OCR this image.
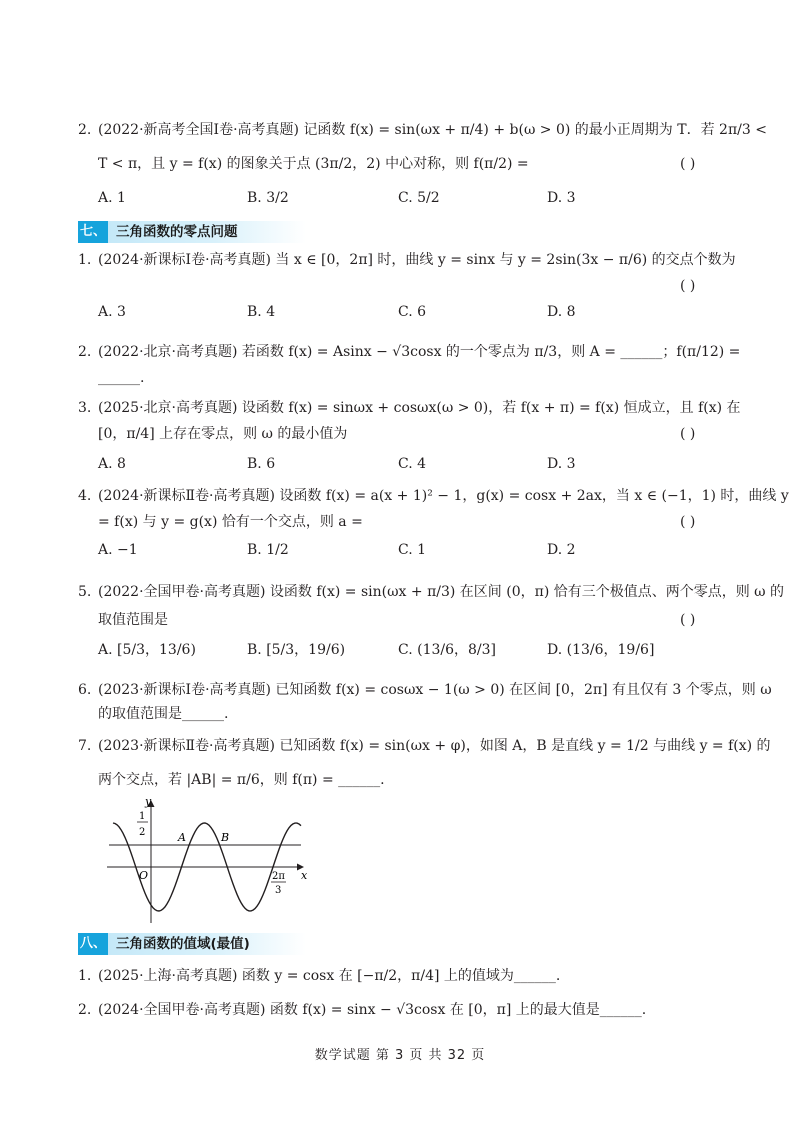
2. (2022·新高考全国Ⅰ卷·高考真题) 记函数 f(x) = sin(ωx + π/4) + b(ω > 0) 的最小正周期为 T．若 2π/3 <
T < π，且 y = f(x) 的图象关于点 (3π/2，2) 中心对称，则 f(π/2) =	( )
A. 1	B. 3/2	C. 5/2	D. 3
七、 三角函数的零点问题
1. (2024·新课标Ⅰ卷·高考真题) 当 x ∈ [0，2π] 时，曲线 y = sinx 与 y = 2sin(3x − π/6) 的交点个数为
( )
A. 3	B. 4	C. 6	D. 8
2. (2022·北京·高考真题) 若函数 f(x) = Asinx − √3cosx 的一个零点为 π/3，则 A = ______；f(π/12) =
______.
3. (2025·北京·高考真题) 设函数 f(x) = sinωx + cosωx(ω > 0)，若 f(x + π) = f(x) 恒成立，且 f(x) 在
[0，π/4] 上存在零点，则 ω 的最小值为	( )
A. 8	B. 6	C. 4	D. 3
4. (2024·新课标Ⅱ卷·高考真题) 设函数 f(x) = a(x + 1)² − 1，g(x) = cosx + 2ax，当 x ∈ (−1，1) 时，曲线 y
= f(x) 与 y = g(x) 恰有一个交点，则 a =	( )
A. −1	B. 1/2	C. 1	D. 2
5. (2022·全国甲卷·高考真题) 设函数 f(x) = sin(ωx + π/3) 在区间 (0，π) 恰有三个极值点、两个零点，则 ω 的
取值范围是	( )
A. [5/3，13/6)	B. [5/3，19/6)	C. (13/6，8/3]	D. (13/6，19/6]
6. (2023·新课标Ⅰ卷·高考真题) 已知函数 f(x) = cosωx − 1(ω > 0) 在区间 [0，2π] 有且仅有 3 个零点，则 ω
的取值范围是______.
7. (2023·新课标Ⅱ卷·高考真题) 已知函数 f(x) = sin(ωx + φ)，如图 A，B 是直线 y = 1/2 与曲线 y = f(x) 的
两个交点，若 |AB| = π/6，则 f(π) = ______.
y
x
O
1
2	A	B
2π
3
八、 三角函数的值域(最值)
1. (2025·上海·高考真题) 函数 y = cosx 在 [−π/2，π/4] 上的值域为______.
2. (2024·全国甲卷·高考真题) 函数 f(x) = sinx − √3cosx 在 [0，π] 上的最大值是______.
数学试题 第 3 页 共 32 页
